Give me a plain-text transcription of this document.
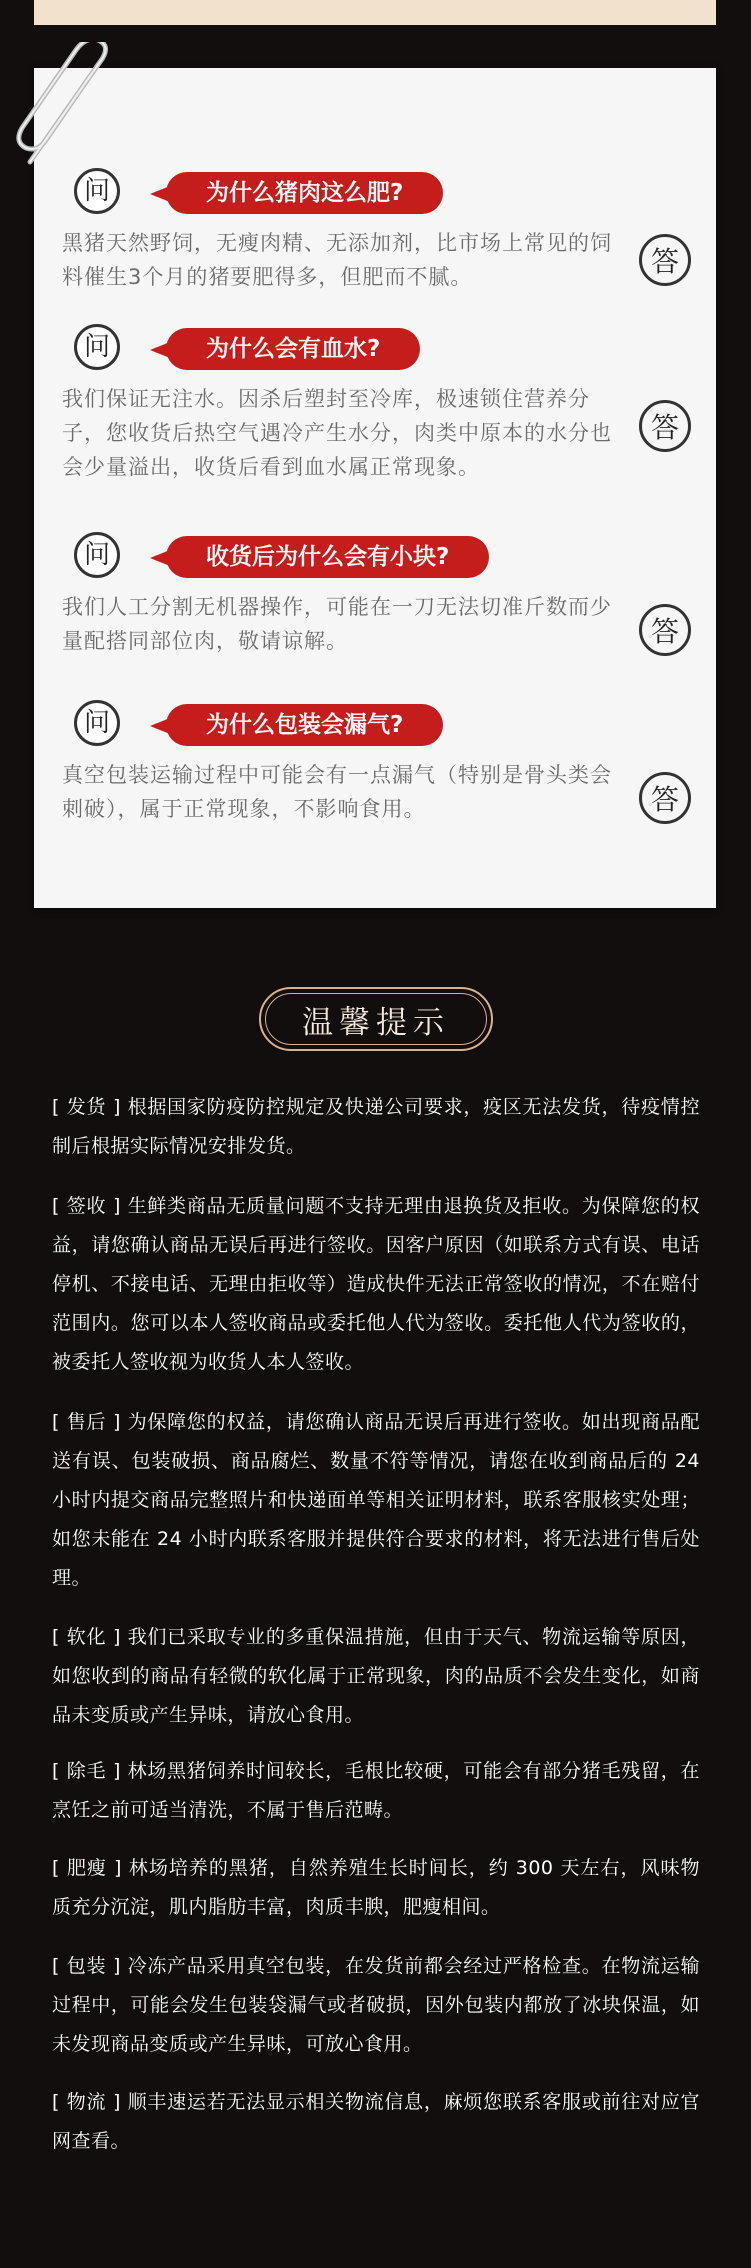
问	为什么猪肉这么肥?
黑猪天然野饲，无瘦肉精、无添加剂，比市场上常见的饲料催生3个月的猪要肥得多，但肥而不腻。	答
问	为什么会有血水?
我们保证无注水。因杀后塑封至冷库，极速锁住营养分子，您收货后热空气遇冷产生水分，肉类中原本的水分也会少量溢出，收货后看到血水属正常现象。
答
问	收货后为什么会有小块?
我们人工分割无机器操作，可能在一刀无法切准斤数而少量配搭同部位肉，敬请谅解。	答
问	为什么包装会漏气?
真空包装运输过程中可能会有一点漏气（特别是骨头类会刺破），属于正常现象，不影响食用。	答
温馨提示
[ 发货 ] 根据国家防疫防控规定及快递公司要求，疫区无法发货，待疫情控制后根据实际情况安排发货。
[ 签收 ] 生鲜类商品无质量问题不支持无理由退换货及拒收。为保障您的权益，请您确认商品无误后再进行签收。因客户原因（如联系方式有误、电话停机、不接电话、无理由拒收等）造成快件无法正常签收的情况，不在赔付范围内。您可以本人签收商品或委托他人代为签收。委托他人代为签收的，被委托人签收视为收货人本人签收。
[ 售后 ] 为保障您的权益，请您确认商品无误后再进行签收。如出现商品配送有误、包装破损、商品腐烂、数量不符等情况，请您在收到商品后的 24 小时内提交商品完整照片和快递面单等相关证明材料，联系客服核实处理；如您未能在 24 小时内联系客服并提供符合要求的材料，将无法进行售后处理。
[ 软化 ] 我们已采取专业的多重保温措施，但由于天气、物流运输等原因，如您收到的商品有轻微的软化属于正常现象，肉的品质不会发生变化，如商品未变质或产生异味，请放心食用。
[ 除毛 ] 林场黑猪饲养时间较长，毛根比较硬，可能会有部分猪毛残留，在烹饪之前可适当清洗，不属于售后范畴。
[ 肥瘦 ] 林场培养的黑猪，自然养殖生长时间长，约 300 天左右，风味物质充分沉淀，肌内脂肪丰富，肉质丰腴，肥瘦相间。
[ 包装 ] 冷冻产品采用真空包装，在发货前都会经过严格检查。在物流运输过程中，可能会发生包装袋漏气或者破损，因外包装内都放了冰块保温，如未发现商品变质或产生异味，可放心食用。
[ 物流 ] 顺丰速运若无法显示相关物流信息，麻烦您联系客服或前往对应官网查看。
